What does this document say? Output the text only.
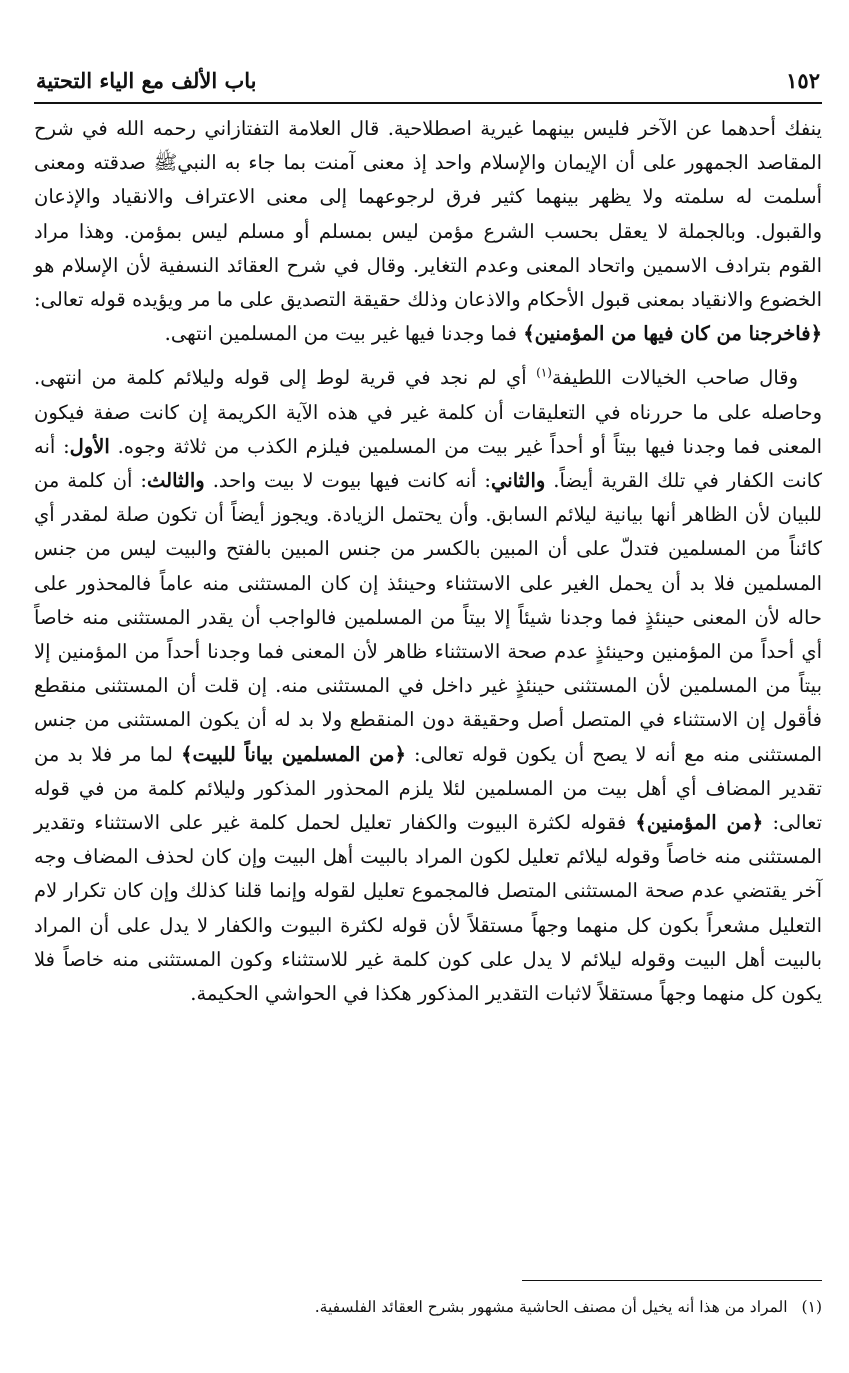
١٥٢
باب الألف مع الياء التحتية

ينفك أحدهما عن الآخر فليس بينهما غيرية اصطلاحية. قال العلامة التفتازاني رحمه الله في شرح المقاصد الجمهور على أن الإيمان والإسلام واحد إذ معنى آمنت بما جاء به النبيﷺ صدقته ومعنى أسلمت له سلمته ولا يظهر بينهما كثير فرق لرجوعهما إلى معنى الاعتراف والانقياد والإذعان والقبول. وبالجملة لا يعقل بحسب الشرع مؤمن ليس بمسلم أو مسلم ليس بمؤمن. وهذا مراد القوم بترادف الاسمين واتحاد المعنى وعدم التغاير. وقال في شرح العقائد النسفية لأن الإسلام هو الخضوع والانقياد بمعنى قبول الأحكام والاذعان وذلك حقيقة التصديق على ما مر ويؤيده قوله تعالى: ﴿فاخرجنا من كان فيها من المؤمنين﴾ فما وجدنا فيها غير بيت من المسلمين انتهى.

وقال صاحب الخيالات اللطيفة$^{(١)}$ أي لم نجد في قرية لوط إلى قوله وليلائم كلمة من انتهى. وحاصله على ما حررناه في التعليقات أن كلمة غير في هذه الآية الكريمة إن كانت صفة فيكون المعنى فما وجدنا فيها بيتاً أو أحداً غير بيت من المسلمين فيلزم الكذب من ثلاثة وجوه. الأول: أنه كانت الكفار في تلك القرية أيضاً. والثاني: أنه كانت فيها بيوت لا بيت واحد. والثالث: أن كلمة من للبيان لأن الظاهر أنها بيانية ليلائم السابق. وأن يحتمل الزيادة. ويجوز أيضاً أن تكون صلة لمقدر أي كائناً من المسلمين فتدلّ على أن المبين بالكسر من جنس المبين بالفتح والبيت ليس من جنس المسلمين فلا بد أن يحمل الغير على الاستثناء وحينئذ إن كان المستثنى منه عاماً فالمحذور على حاله لأن المعنى حينئذٍ فما وجدنا شيئاً إلا بيتاً من المسلمين فالواجب أن يقدر المستثنى منه خاصاً أي أحداً من المؤمنين وحينئذٍ عدم صحة الاستثناء ظاهر لأن المعنى فما وجدنا أحداً من المؤمنين إلا بيتاً من المسلمين لأن المستثنى حينئذٍ غير داخل في المستثنى منه. إن قلت أن المستثنى منقطع فأقول إن الاستثناء في المتصل أصل وحقيقة دون المنقطع ولا بد له أن يكون المستثنى من جنس المستثنى منه مع أنه لا يصح أن يكون قوله تعالى: ﴿من المسلمين بياناً للبيت﴾ لما مر فلا بد من تقدير المضاف أي أهل بيت من المسلمين لئلا يلزم المحذور المذكور وليلائم كلمة من في قوله تعالى: ﴿من المؤمنين﴾ فقوله لكثرة البيوت والكفار تعليل لحمل كلمة غير على الاستثناء وتقدير المستثنى منه خاصاً وقوله ليلائم تعليل لكون المراد بالبيت أهل البيت وإن كان لحذف المضاف وجه آخر يقتضي عدم صحة المستثنى المتصل فالمجموع تعليل لقوله وإنما قلنا كذلك وإن كان تكرار لام التعليل مشعراً بكون كل منهما وجهاً مستقلاً لأن قوله لكثرة البيوت والكفار لا يدل على أن المراد بالبيت أهل البيت وقوله ليلائم لا يدل على كون كلمة غير للاستثناء وكون المستثنى منه خاصاً فلا يكون كل منهما وجهاً مستقلاً لاثبات التقدير المذكور هكذا في الحواشي الحكيمة.

(١)المراد من هذا أنه يخيل أن مصنف الحاشية مشهور بشرح العقائد الفلسفية.
